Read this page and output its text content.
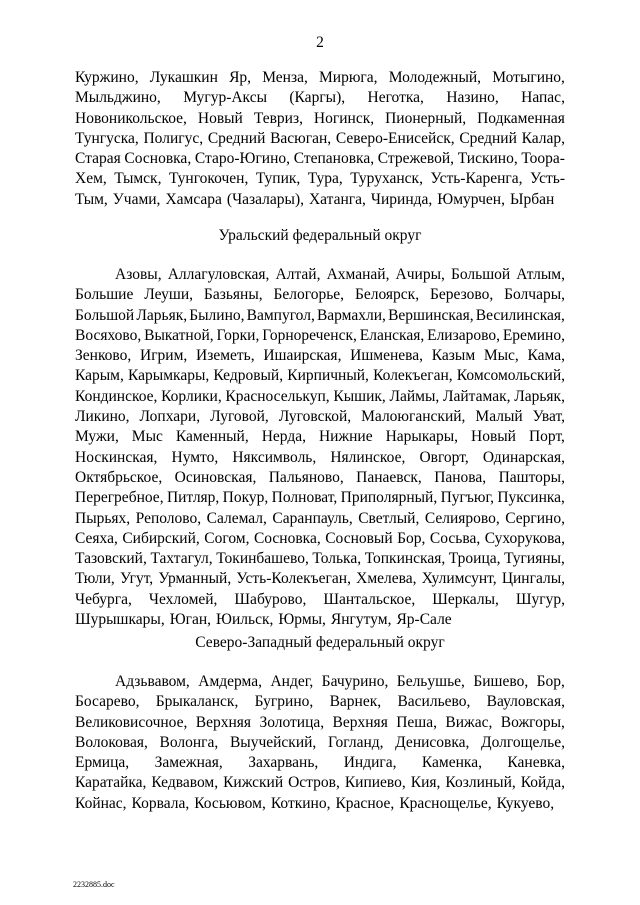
2
Куржино, Лукашкин Яр, Менза, Мирюга, Молодежный, Мотыгино,
Мыльджино, Мугур-Аксы (Каргы), Неготка, Назино, Напас,
Новоникольское, Новый Тевриз, Ногинск, Пионерный, Подкаменная
Тунгуска, Полигус, Средний Васюган, Северо-Енисейск, Средний Калар,
Старая Сосновка, Старо-Югино, Степановка, Стрежевой, Тискино, Тоора-
Хем, Тымск, Тунгокочен, Тупик, Тура, Туруханск, Усть-Каренга, Усть-
Тым, Учами, Хамсара (Чазалары), Хатанга, Чиринда, Юмурчен, Ырбан
Уральский федеральный округ
Азовы, Аллагуловская, Алтай, Ахманай, Ачиры, Большой Атлым,
Большие Леуши, Базьяны, Белогорье, Белоярск, Березово, Болчары,
Большой Ларьяк, Былино, Вампугол, Вармахли, Вершинская, Весилинская,
Восяхово, Выкатной, Горки, Горнореченск, Еланская, Елизарово, Еремино,
Зенково, Игрим, Иземеть, Ишаирская, Ишменева, Казым Мыс, Кама,
Карым, Карымкары, Кедровый, Кирпичный, Колекъеган, Комсомольский,
Кондинское, Корлики, Красноселькуп, Кышик, Лаймы, Лайтамак, Ларьяк,
Ликино, Лопхари, Луговой, Луговской, Малоюганский, Малый Уват,
Мужи, Мыс Каменный, Нерда, Нижние Нарыкары, Новый Порт,
Носкинская, Нумто, Няксимволь, Нялинское, Овгорт, Одинарская,
Октябрьское, Осиновская, Пальяново, Панаевск, Панова, Пашторы,
Перегребное, Питляр, Покур, Полноват, Приполярный, Пугъюг, Пуксинка,
Пырьях, Реполово, Салемал, Саранпауль, Светлый, Селиярово, Сергино,
Сеяха, Сибирский, Согом, Сосновка, Сосновый Бор, Сосьва, Сухорукова,
Тазовский, Тахтагул, Токинбашево, Толька, Топкинская, Троица, Тугияны,
Тюли, Угут, Урманный, Усть-Колекъеган, Хмелева, Хулимсунт, Цингалы,
Чебурга, Чехломей, Шабурово, Шантальское, Шеркалы, Шугур,
Шурышкары, Юган, Юильск, Юрмы, Янгутум, Яр-Сале
Северо-Западный федеральный округ
Адзьвавом, Амдерма, Андег, Бачурино, Бельушье, Бишево, Бор,
Босарево, Брыкаланск, Бугрино, Варнек, Васильево, Вауловская,
Великовисочное, Верхняя Золотица, Верхняя Пеша, Вижас, Вожгоры,
Волоковая, Волонга, Выучейский, Гогланд, Денисовка, Долгощелье,
Ермица, Замежная, Захарвань, Индига, Каменка, Каневка,
Каратайка, Кедвавом, Кижский Остров, Кипиево, Кия, Козлиный, Койда,
Койнас, Корвала, Косьювом, Коткино, Красное, Краснощелье, Кукуево,
2232885.doc
